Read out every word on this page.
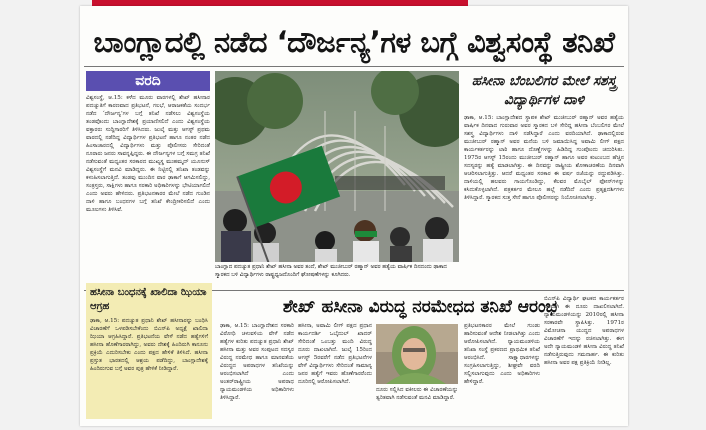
ಬಾಂಗ್ಲಾದಲ್ಲಿ ನಡೆದ ‘ದೌರ್ಜನ್ಯ’ಗಳ ಬಗ್ಗೆ ವಿಶ್ವಸಂಸ್ಥೆ ತನಿಖೆ
ವರದಿ
ವಿಶ್ವಸಂಸ್ಥೆ, ಆ.15: ಕಳೆದ ಮೂರು ವಾರಗಳಲ್ಲಿ ಶೇಖ್ ಹಸೀನಾರ ಪದಚ್ಯುತಿಗೆ ಕಾರಣವಾದ ಪ್ರತಿಭಟನೆ, ಗಲಭೆ, ಆರಾಜಕತೆಯ ಸಂದರ್ಭ ನಡೆದ ‘ದೌರ್ಜನ್ಯ’ಗಳ ಬಗ್ಗೆ ತನಿಖೆ ನಡೆಸಲು ವಿಶ್ವಸಂಸ್ಥೆಯ ತಂಡವೊಂದು ಬಾಂಗ್ಲಾದೇಶಕ್ಕೆ ಪ್ರಯಾಣಿಸಲಿದೆ ಎಂದು ವಿಶ್ವಸಂಸ್ಥೆಯ ವಕ್ತಾರರು ಸುದ್ದಿಗಾರರಿಗೆ ತಿಳಿಸಿದರು. ಜುಲೈ ಮತ್ತು ಆಗಸ್ಟ್ ಪ್ರಥಮ ವಾರದಲ್ಲಿ ನಡೆದಿದ್ದ ವಿದ್ಯಾರ್ಥಿಗಳ ಪ್ರತಿಭಟನೆ ಹಾಗೂ ನಂತರ ನಡೆದ ಹಿಂಸಾಚಾರದಲ್ಲಿ ವಿದ್ಯಾರ್ಥಿಗಳು ಮತ್ತು ಪೊಲೀಸರು ಸೇರಿದಂತೆ ನೂರಾರು ಜನರು ಸಾವನ್ನಪ್ಪಿದ್ದರು. ಈ ದೌರ್ಜನ್ಯಗಳ ಬಗ್ಗೆ ಸಮಗ್ರ ತನಿಖೆ ನಡೆಸುವಂತೆ ಮಧ್ಯಂತರ ಸರಕಾರದ ಮುಖ್ಯಸ್ಥ ಮುಹಮ್ಮದ್ ಯೂನುಸ್ ವಿಶ್ವಸಂಸ್ಥೆಗೆ ಮನವಿ ಮಾಡಿದ್ದರು. ಈ ನಿಟ್ಟಿನಲ್ಲಿ ತನಿಖಾ ತಂಡವನ್ನು ಕಳುಹಿಸಲಾಗುತ್ತಿದೆ. ತಂಡವು ಮುಂದಿನ ವಾರ ಢಾಕಾಗೆ ಆಗಮಿಸಲಿದ್ದು, ಸಂತ್ರಸ್ತರು, ಸಾಕ್ಷಿಗಳು ಹಾಗೂ ಸರಕಾರಿ ಅಧಿಕಾರಿಗಳನ್ನು ಭೇಟಿಯಾಗಲಿದೆ ಎಂದು ಅವರು ಹೇಳಿದರು. ಪ್ರತಿಭಟನಕಾರರ ಮೇಲೆ ನಡೆದ ಗುಂಡಿನ ದಾಳಿ ಹಾಗೂ ಬಂಧನಗಳ ಬಗ್ಗೆ ತನಿಖೆ ಕೇಂದ್ರೀಕರಿಸಲಿದೆ ಎಂದು ಮೂಲಗಳು ತಿಳಿಸಿವೆ.
ಬಾಂಗ್ಲಾದ ಪದಚ್ಯುತ ಪ್ರಧಾನಿ ಶೇಖ್ ಹಸೀನಾ ಅವರ ತಂದೆ, ಶೇಖ್ ಮುಜೀಬುರ್ ರಹ್ಮಾನ್ ಅವರ ಹತ್ಯೆಯ ವಾರ್ಷಿಕ ದಿನದಂದು ಢಾಕಾದ ಸ್ಮಾರಕದ ಬಳಿ ವಿದ್ಯಾರ್ಥಿಗಳು ರಾಷ್ಟ್ರಧ್ವಜದೊಂದಿಗೆ ಘೋಷಣೆಗಳನ್ನು ಕೂಗಿದರು.
ಹಸೀನಾ ಬೆಂಬಲಿಗರ ಮೇಲೆ ಸಶಸ್ತ್ರ ವಿದ್ಯಾರ್ಥಿಗಳ ದಾಳಿ
ಢಾಕಾ, ಆ.15: ಬಾಂಗ್ಲಾದೇಶದ ಸ್ಥಾಪಕ ಶೇಖ್ ಮುಜೀಬುರ್ ರಹ್ಮಾನ್ ಅವರ ಹತ್ಯೆಯ ವಾರ್ಷಿಕ ದಿನವಾದ ಗುರುವಾರ ಅವರ ಸ್ಮಾರಕದ ಬಳಿ ಸೇರಿದ್ದ ಹಸೀನಾ ಬೆಂಬಲಿಗರ ಮೇಲೆ ಸಶಸ್ತ್ರ ವಿದ್ಯಾರ್ಥಿಗಳು ದಾಳಿ ನಡೆಸಿದ್ದಾರೆ ಎಂದು ವರದಿಯಾಗಿದೆ. ಢಾಕಾದಲ್ಲಿರುವ ಮುಜೀಬುರ್ ರಹ್ಮಾನ್ ಅವರ ಮನೆಯ ಬಳಿ ಜಮಾಯಿಸಿದ್ದ ಅವಾಮಿ ಲೀಗ್ ಪಕ್ಷದ ಕಾರ್ಯಕರ್ತರನ್ನು ಲಾಠಿ ಹಾಗೂ ದೊಣ್ಣೆಗಳನ್ನು ಹಿಡಿದಿದ್ದ ಗುಂಪೊಂದು ಚದುರಿಸಿತು. 1975ರ ಆಗಸ್ಟ್ 15ರಂದು ಮುಜೀಬುರ್ ರಹ್ಮಾನ್ ಹಾಗೂ ಅವರ ಕುಟುಂಬದ ಹೆಚ್ಚಿನ ಸದಸ್ಯರನ್ನು ಹತ್ಯೆ ಮಾಡಲಾಗಿತ್ತು. ಈ ದಿನವನ್ನು ರಾಷ್ಟ್ರೀಯ ಶೋಕಾಚರಣೆಯ ದಿನವಾಗಿ ಆಚರಿಸಲಾಗುತ್ತಿತ್ತು. ಆದರೆ ಮಧ್ಯಂತರ ಸರಕಾರ ಈ ವರ್ಷ ರಜೆಯನ್ನು ರದ್ದುಪಡಿಸಿತ್ತು. ದಾಳಿಯಲ್ಲಿ ಹಲವರು ಗಾಯಗೊಂಡಿದ್ದು, ಕೆಲವರ ಮೊಬೈಲ್ ಫೋನ್‌ಗಳನ್ನು ಕಸಿದುಕೊಳ್ಳಲಾಗಿದೆ. ಪತ್ರಕರ್ತರ ಮೇಲೂ ಹಲ್ಲೆ ನಡೆದಿದೆ ಎಂದು ಪ್ರತ್ಯಕ್ಷದರ್ಶಿಗಳು ತಿಳಿಸಿದ್ದಾರೆ. ಸ್ಮಾರಕದ ಸುತ್ತ ಸೇನೆ ಹಾಗೂ ಪೊಲೀಸರನ್ನು ನಿಯೋಜಿಸಲಾಗಿತ್ತು.
ಹಸೀನಾ ಬಂಧನಕ್ಕೆ ಖಾಲಿದಾ ಝಿಯಾ ಆಗ್ರಹ
ಢಾಕಾ, ಆ.15: ಪದಚ್ಯುತ ಪ್ರಧಾನಿ ಶೇಖ್ ಹಸೀನಾರನ್ನು ಬಂಧಿಸಿ ವಿಚಾರಣೆಗೆ ಒಳಪಡಿಸಬೇಕೆಂದು ಬಿಎನ್‌ಪಿ ಅಧ್ಯಕ್ಷೆ ಖಾಲಿದಾ ಝಿಯಾ ಆಗ್ರಹಿಸಿದ್ದಾರೆ. ಪ್ರತಿಭಟನೆಯ ವೇಳೆ ನಡೆದ ಹತ್ಯೆಗಳಿಗೆ ಹಸೀನಾ ಹೊಣೆಗಾರರಾಗಿದ್ದು, ಅವರು ದೇಶಕ್ಕೆ ಹಿಂದಿರುಗಿ ಕಾನೂನು ಪ್ರಕ್ರಿಯೆ ಎದುರಿಸಬೇಕು ಎಂದು ಪಕ್ಷದ ಹೇಳಿಕೆ ತಿಳಿಸಿದೆ. ಹಸೀನಾ ಪ್ರಸ್ತುತ ಭಾರತದಲ್ಲಿ ಆಶ್ರಯ ಪಡೆದಿದ್ದು, ಬಾಂಗ್ಲಾದೇಶಕ್ಕೆ ಹಿಂದಿರುಗುವ ಬಗ್ಗೆ ಅವರ ಪುತ್ರ ಹೇಳಿಕೆ ನೀಡಿದ್ದಾರೆ.
ಶೇಖ್ ಹಸೀನಾ ವಿರುದ್ಧ ನರಮೇಧದ ತನಿಖೆ ಆರಂಭ
ಢಾಕಾ, ಆ.15: ಬಾಂಗ್ಲಾದೇಶದ ಸರಕಾರಿ ವಿರೋಧಿ ಚಳುವಳಿಯ ವೇಳೆ ನಡೆದ ಹತ್ಯೆಗಳ ಕುರಿತು ಪದಚ್ಯುತ ಪ್ರಧಾನಿ ಶೇಖ್ ಹಸೀನಾ ಮತ್ತು ಅವರ ಸಂಪುಟದ ಸದಸ್ಯರ ವಿರುದ್ಧ ನರಮೇಧ ಹಾಗೂ ಮಾನವತೆಯ ವಿರುದ್ಧದ ಅಪರಾಧಗಳ ತನಿಖೆಯನ್ನು ಆರಂಭಿಸಲಾಗಿದೆ ಎಂದು ಅಂತರ್‌ರಾಷ್ಟ್ರೀಯ ಅಪರಾಧ ನ್ಯಾಯಮಂಡಳಿಯ ಅಧಿಕಾರಿಗಳು ತಿಳಿಸಿದ್ದಾರೆ.
ಹಸೀನಾ, ಅವಾಮಿ ಲೀಗ್ ಪಕ್ಷದ ಪ್ರಧಾನ ಕಾರ್ಯದರ್ಶಿ ಒಬೈದುಲ್ ಖಾದರ್ ಸೇರಿದಂತೆ ಒಂಬತ್ತು ಮಂದಿ ವಿರುದ್ಧ ದೂರು ದಾಖಲಾಗಿದೆ. ಜುಲೈ 15ರಿಂದ ಆಗಸ್ಟ್ 5ರವರೆಗೆ ನಡೆದ ಪ್ರತಿಭಟನೆಗಳ ವೇಳೆ ವಿದ್ಯಾರ್ಥಿಗಳು ಸೇರಿದಂತೆ ಸಾಮಾನ್ಯ ಜನರ ಹತ್ಯೆಗೆ ಇವರು ಹೊಣೆಗಾರರೆಂದು ದೂರಿನಲ್ಲಿ ಆರೋಪಿಸಲಾಗಿದೆ.
ದೂರು ಸಲ್ಲಿಸಿದ ವಕೀಲರು ಈ ವಿಚಾರಣೆಯನ್ನು ತ್ವರಿತವಾಗಿ ನಡೆಸುವಂತೆ ಮನವಿ ಮಾಡಿದ್ದಾರೆ.
ಪ್ರತಿಭಟನಕಾರರ ಮೇಲೆ ಗುಂಡು ಹಾರಿಸುವಂತೆ ಆದೇಶ ನೀಡಲಾಗಿತ್ತು ಎಂದು ಆರೋಪಿಸಲಾಗಿದೆ. ನ್ಯಾಯಮಂಡಳಿಯ ತನಿಖಾ ಸಂಸ್ಥೆ ಪ್ರಕರಣದ ಪ್ರಾಥಮಿಕ ತನಿಖೆ ಆರಂಭಿಸಿದೆ. ಸಾಕ್ಷ್ಯಾಧಾರಗಳನ್ನು ಸಂಗ್ರಹಿಸಲಾಗುತ್ತಿದ್ದು, ಶೀಘ್ರವೇ ವರದಿ ಸಲ್ಲಿಸಲಾಗುವುದು ಎಂದು ಅಧಿಕಾರಿಗಳು ಹೇಳಿದ್ದಾರೆ.
ಬಿಎನ್‌ಪಿ ವಿದ್ಯಾರ್ಥಿ ಘಟಕದ ಕಾರ್ಯಕರ್ತರ ಪರವಾಗಿ ಈ ದೂರು ದಾಖಲಿಸಲಾಗಿದೆ. ನ್ಯಾಯಮಂಡಳಿಯನ್ನು 2010ರಲ್ಲಿ ಹಸೀನಾ ಸರಕಾರವೇ ಸ್ಥಾಪಿಸಿತ್ತು. 1971ರ ವಿಮೋಚನಾ ಯುದ್ಧದ ಅಪರಾಧಗಳ ವಿಚಾರಣೆಗೆ ಇದನ್ನು ರಚಿಸಲಾಗಿತ್ತು. ಈಗ ಅದೇ ನ್ಯಾಯಮಂಡಳಿ ಹಸೀನಾ ವಿರುದ್ಧ ತನಿಖೆ ನಡೆಸುತ್ತಿರುವುದು ಗಮನಾರ್ಹ. ಈ ಕುರಿತು ಹಸೀನಾ ಅವರ ಪಕ್ಷ ಪ್ರತಿಕ್ರಿಯೆ ನೀಡಿಲ್ಲ.
